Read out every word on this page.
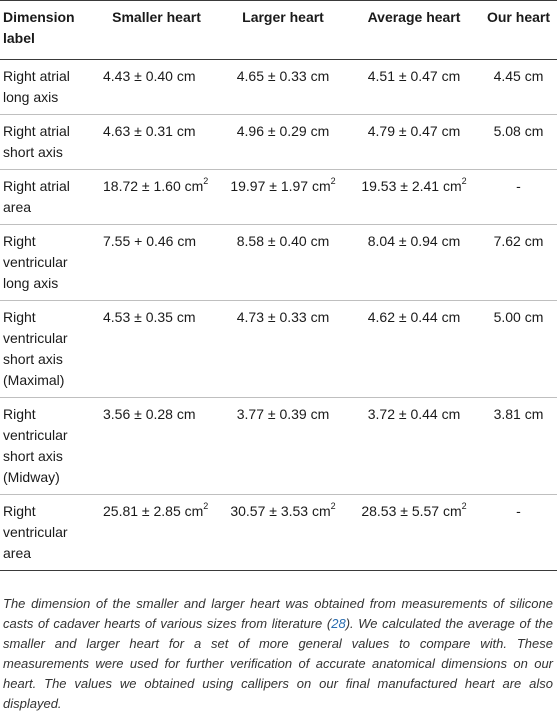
Dimension label	Smaller heart	Larger heart	Average heart	Our heart
Right atrial long axis	4.43 ± 0.40 cm	4.65 ± 0.33 cm	4.51 ± 0.47 cm	4.45 cm
Right atrial short axis	4.63 ± 0.31 cm	4.96 ± 0.29 cm	4.79 ± 0.47 cm	5.08 cm
Right atrial area	18.72 ± 1.60 $cm^2$	19.97 ± 1.97 $cm^2$	19.53 ± 2.41 $cm^2$	-
Right ventricular long axis	7.55 + 0.46 cm	8.58 ± 0.40 cm	8.04 ± 0.94 cm	7.62 cm
Right ventricular short axis (Maximal)	4.53 ± 0.35 cm	4.73 ± 0.33 cm	4.62 ± 0.44 cm	5.00 cm
Right ventricular short axis (Midway)	3.56 ± 0.28 cm	3.77 ± 0.39 cm	3.72 ± 0.44 cm	3.81 cm
Right ventricular area	25.81 ± 2.85 $cm^2$	30.57 ± 3.53 $cm^2$	28.53 ± 5.57 $cm^2$	-

The dimension of the smaller and larger heart was obtained from measurements of silicone casts of cadaver hearts of various sizes from literature (28). We calculated the average of the smaller and larger heart for a set of more general values to compare with. These measurements were used for further verification of accurate anatomical dimensions on our heart. The values we obtained using callipers on our final manufactured heart are also displayed.
